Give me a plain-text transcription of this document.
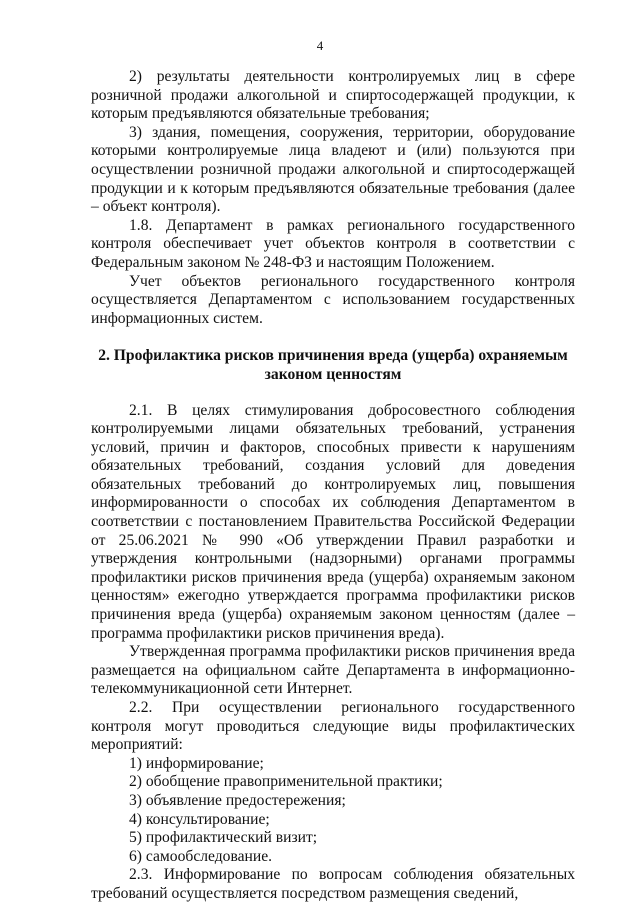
4

2) результаты деятельности контролируемых лиц в сфере розничной продажи алкогольной и спиртосодержащей продукции, к которым предъявляются обязательные требования;

3) здания, помещения, сооружения, территории, оборудование которыми контролируемые лица владеют и (или) пользуются при осуществлении розничной продажи алкогольной и спиртосодержащей продукции и к которым предъявляются обязательные требования (далее – объект контроля).

1.8. Департамент в рамках регионального государственного контроля обеспечивает учет объектов контроля в соответствии с Федеральным законом № 248-ФЗ и настоящим Положением.

Учет объектов регионального государственного контроля осуществляется Департаментом с использованием государственных информационных систем.

2. Профилактика рисков причинения вреда (ущерба) охраняемым законом ценностям

2.1. В целях стимулирования добросовестного соблюдения контролируемыми лицами обязательных требований, устранения условий, причин и факторов, способных привести к нарушениям обязательных требований, создания условий для доведения обязательных требований до контролируемых лиц, повышения информированности о способах их соблюдения Департаментом в соответствии с постановлением Правительства Российской Федерации от 25.06.2021 № 990 «Об утверждении Правил разработки и утверждения контрольными (надзорными) органами программы профилактики рисков причинения вреда (ущерба) охраняемым законом ценностям» ежегодно утверждается программа профилактики рисков причинения вреда (ущерба) охраняемым законом ценностям (далее – программа профилактики рисков причинения вреда).

Утвержденная программа профилактики рисков причинения вреда размещается на официальном сайте Департамента в информационно-телекоммуникационной сети Интернет.

2.2. При осуществлении регионального государственного контроля могут проводиться следующие виды профилактических мероприятий:

1) информирование;

2) обобщение правоприменительной практики;

3) объявление предостережения;

4) консультирование;

5) профилактический визит;

6) самообследование.

2.3. Информирование по вопросам соблюдения обязательных требований осуществляется посредством размещения сведений,
